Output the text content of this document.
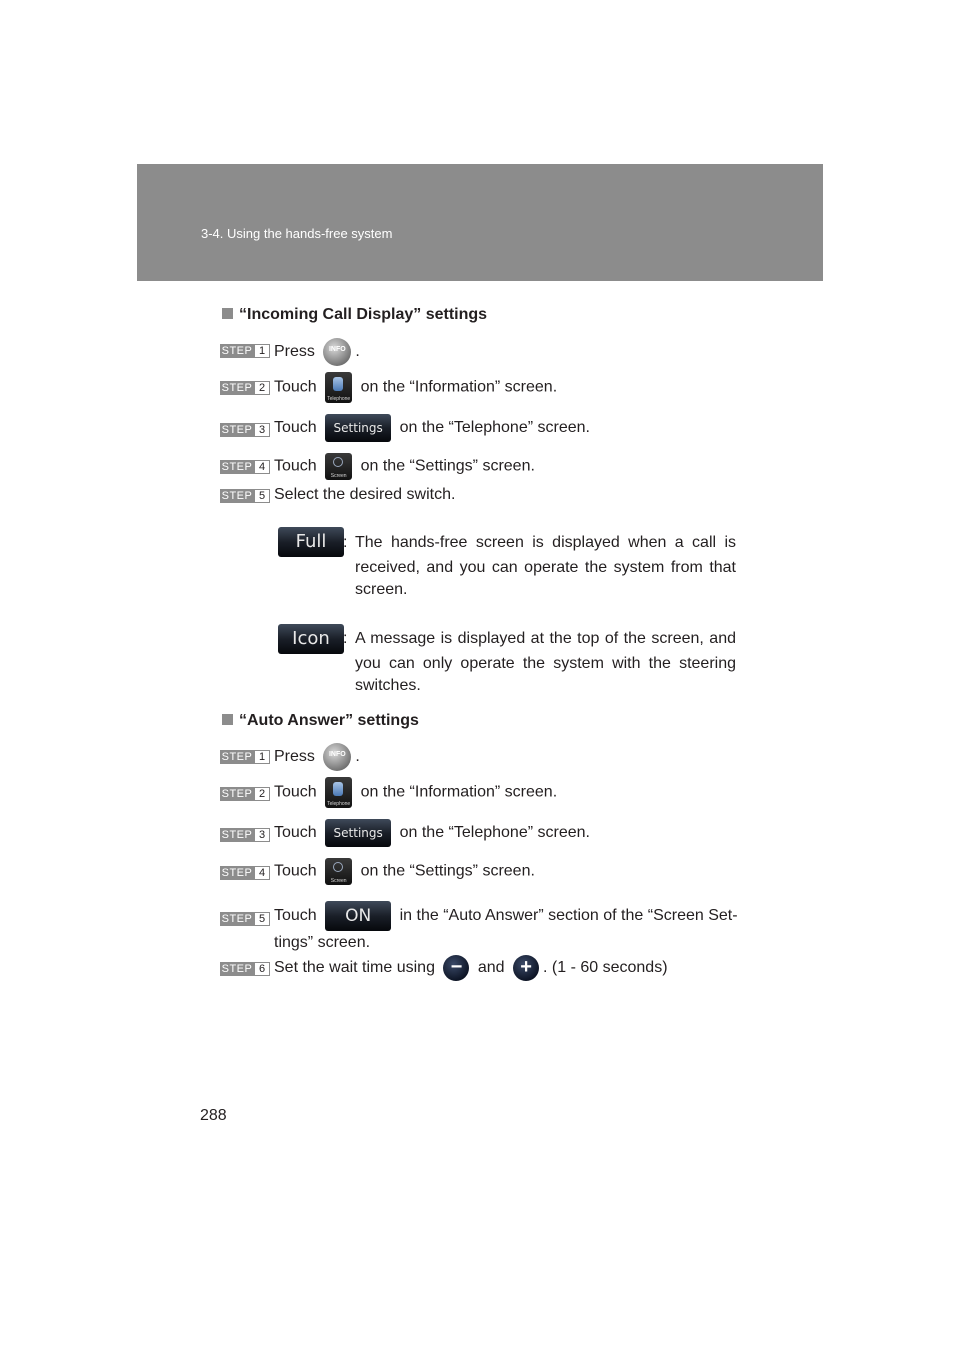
3-4. Using the hands-free system
“Incoming Call Display” settings
STEP 1 Press INFO .
STEP 2 Touch
Telephone
on the “Information” screen.
STEP 3 Touch Settings on the “Telephone” screen.
STEP 4 Touch
Screen
on the “Settings” screen.
STEP 5 Select the desired switch.
Full	: The hands-free screen is displayed when a call is
received, and you can operate the system from that screen.
Icon : A message is displayed at the top of the screen, and
you can only operate the system with the steering switches.
“Auto Answer” settings
STEP 1 Press INFO .
STEP 2 Touch
Telephone
on the “Information” screen.
STEP 3 Touch Settings on the “Telephone” screen.
STEP 4 Touch
Screen
on the “Settings” screen.
STEP 5 Touch ON in the “Auto Answer” section of the “Screen Set-
tings” screen.
STEP 6 Set the wait time using − and + . (1 - 60 seconds)
288
